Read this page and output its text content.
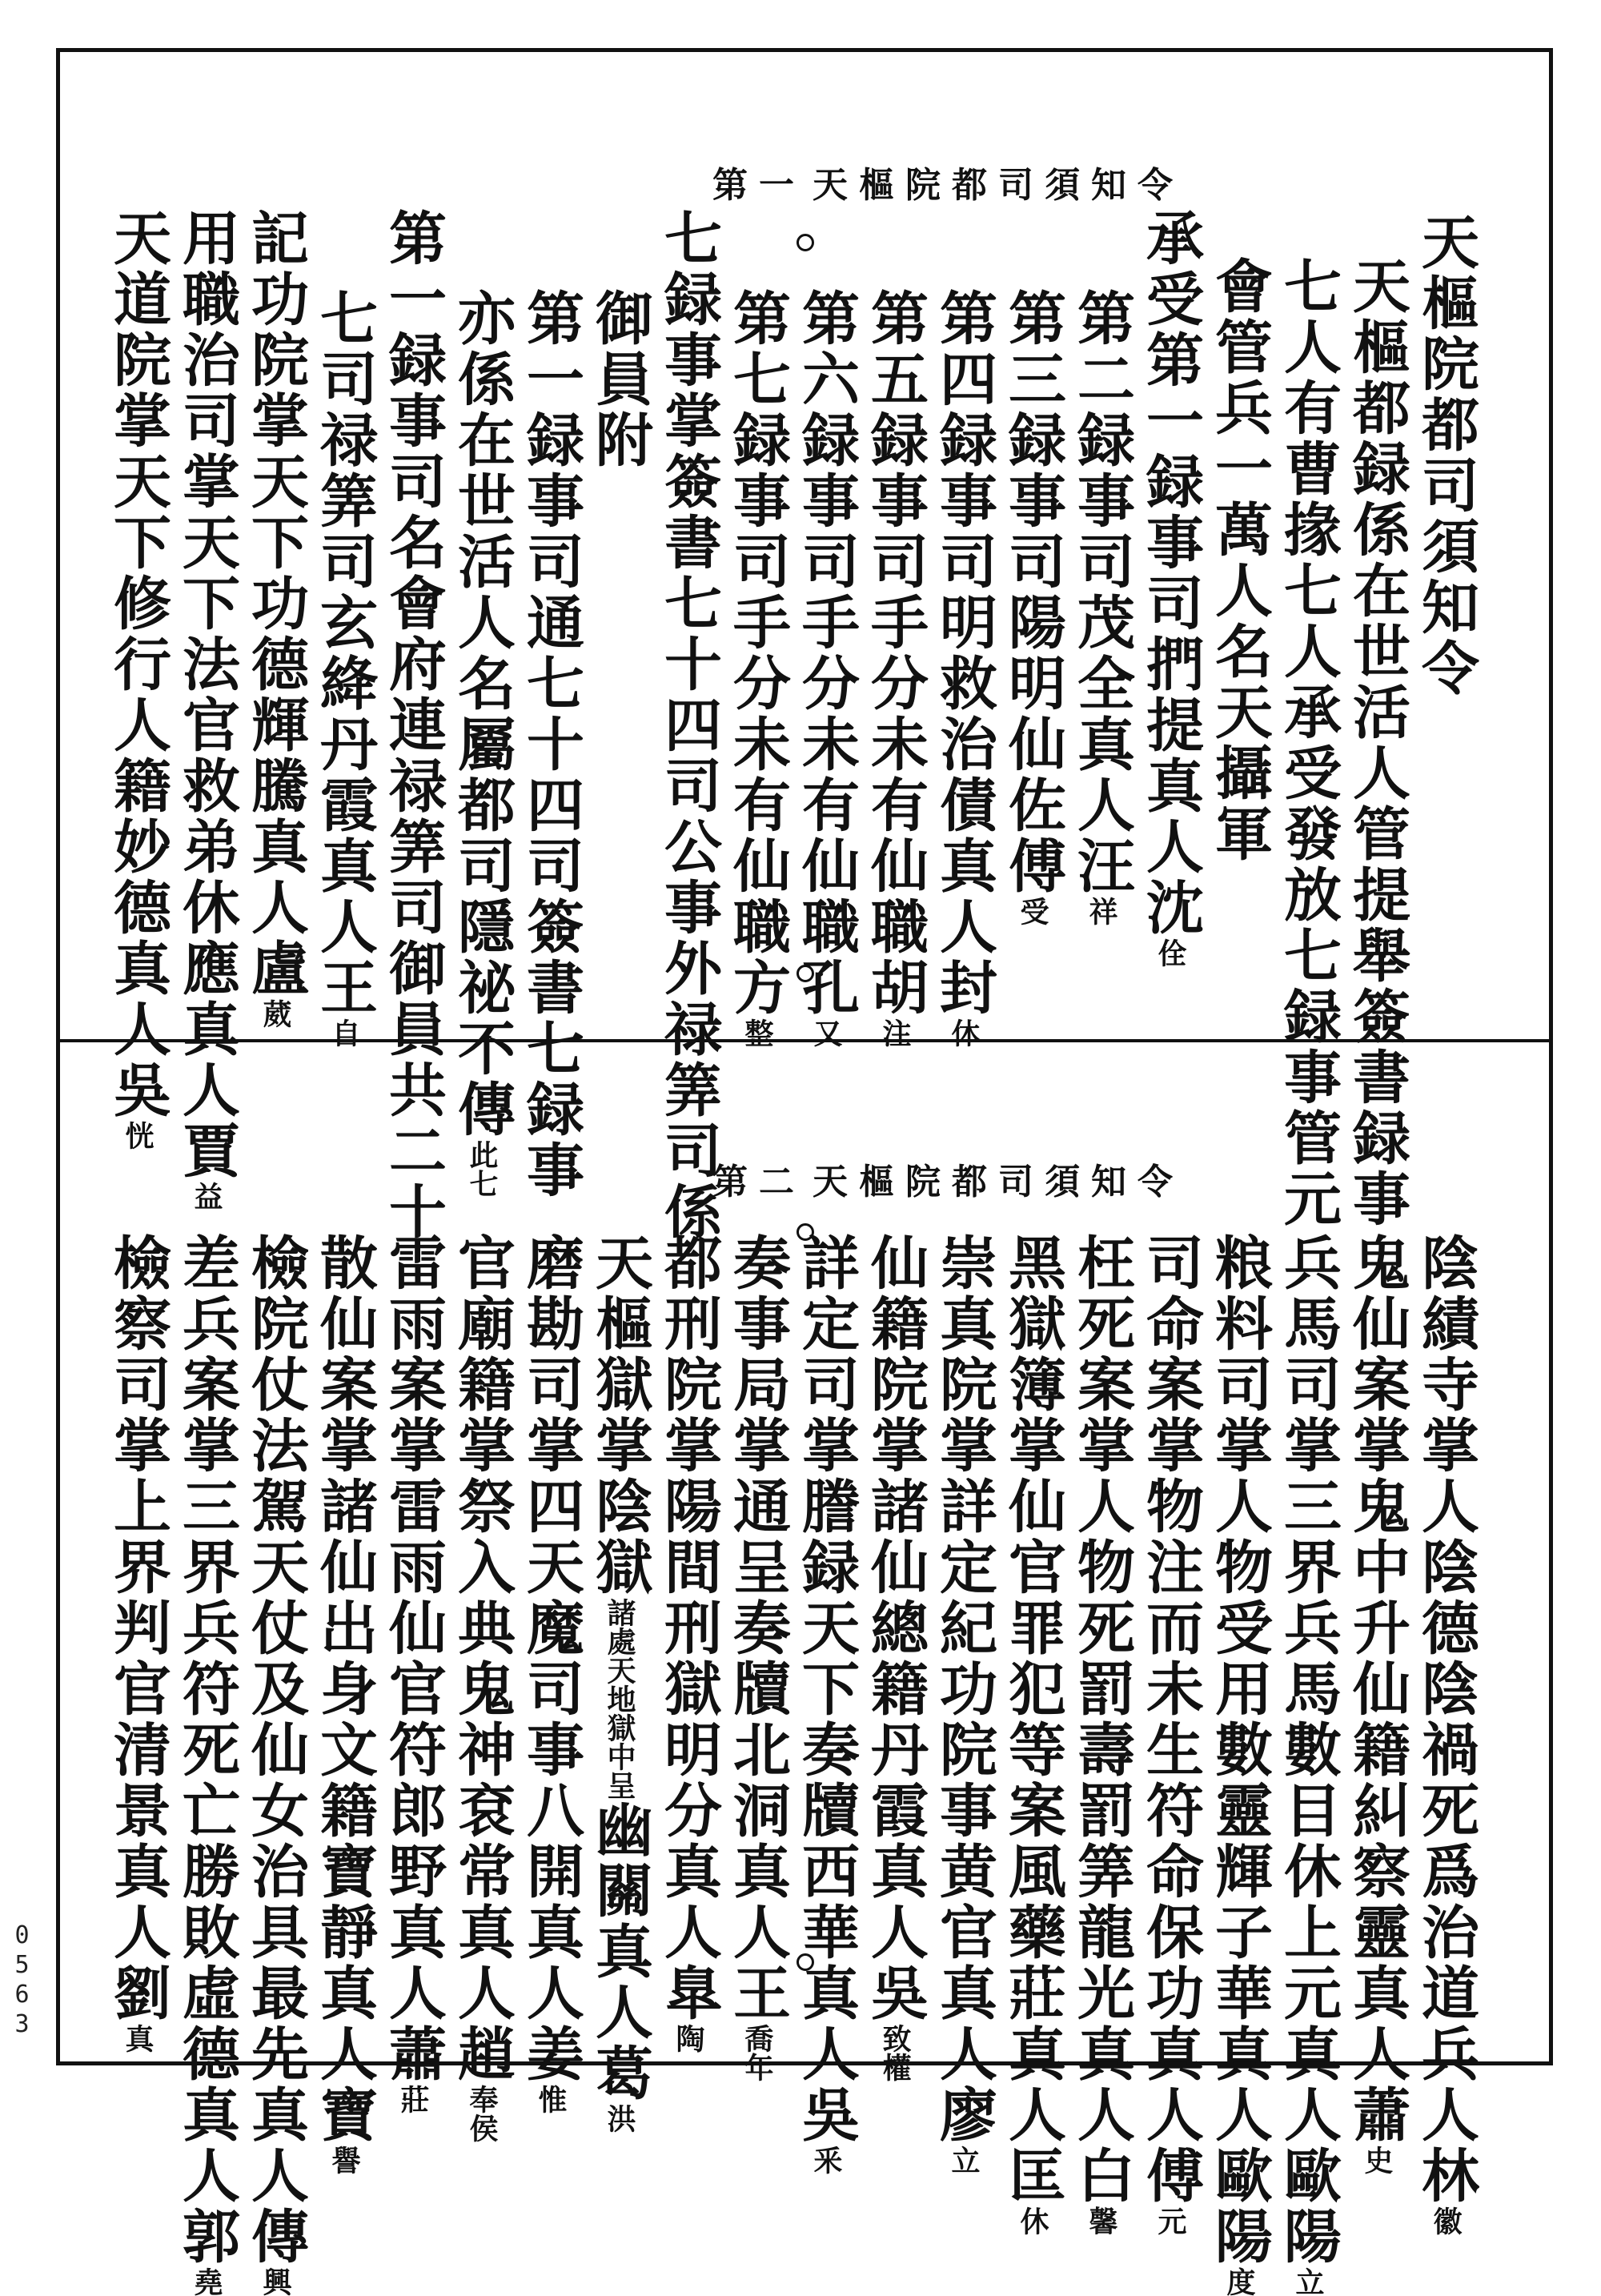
0563
天樞院都司須知令
第一
天樞院都司須知令
第二
天樞院都司須知令
天樞都録係在世活人管提舉簽書録事
七人有曹掾七人承受發放七録事管元
會管兵一萬人名天攝軍
承受第一録事司捫提真人沈佺
第二録事司茂全真人汪祥
第三録事司陽明仙佐傅受
第四録事司明救治債真人封休
第五録事司手分未有仙職胡注
第六録事司手分未有仙職孔又
第七録事司手分未有仙職方整
七録事掌簽書七十四司公事外禄筭司係
御員附
第一録事司通七十四司簽書七録事
亦係在世活人名屬都司隱祕不傳此七
第一録事司名會府連禄筭司御員共二十
七司禄筭司玄絳丹霞真人王自
記功院掌天下功德輝騰真人盧葳
用職治司掌天下法官救弟休應真人賈益
天道院掌天下修行人籍妙德真人吳恍
陰績寺掌人陰德陰禍死爲治道兵人林徽
鬼仙案掌鬼中升仙籍糾察靈真人蕭史
兵馬司掌三界兵馬數目休上元真人歐陽立
粮料司掌人物受用數靈輝子華真人歐陽度
司命案掌物注而未生符命保功真人傅元
枉死案掌人物死罰壽罰筭龍光真人白馨
黑獄簿掌仙官罪犯等案風藥莊真人匡休
崇真院掌詳定紀功院事黄官真人廖立
仙籍院掌諸仙總籍丹霞真人吳致權
詳定司掌謄録天下奏牘西華真人吳釆
奏事局掌通呈奏牘北洞真人王喬年
都刑院掌陽間刑獄明分真人臯陶
天樞獄掌陰獄諸處天地獄中呈幽關真人葛洪
磨勘司掌四天魔司事八開真人姜惟
官廟籍掌祭入典鬼神袞常真人趙奉侯
雷雨案掌雷雨仙官符郎野真人蕭莊
散仙案掌諸仙出身文籍寶靜真人寶譽
檢院仗法駕天仗及仙女治具最先真人傳興
差兵案掌三界兵符死亡勝敗虛德真人郭堯
檢察司掌上界判官清景真人劉真
